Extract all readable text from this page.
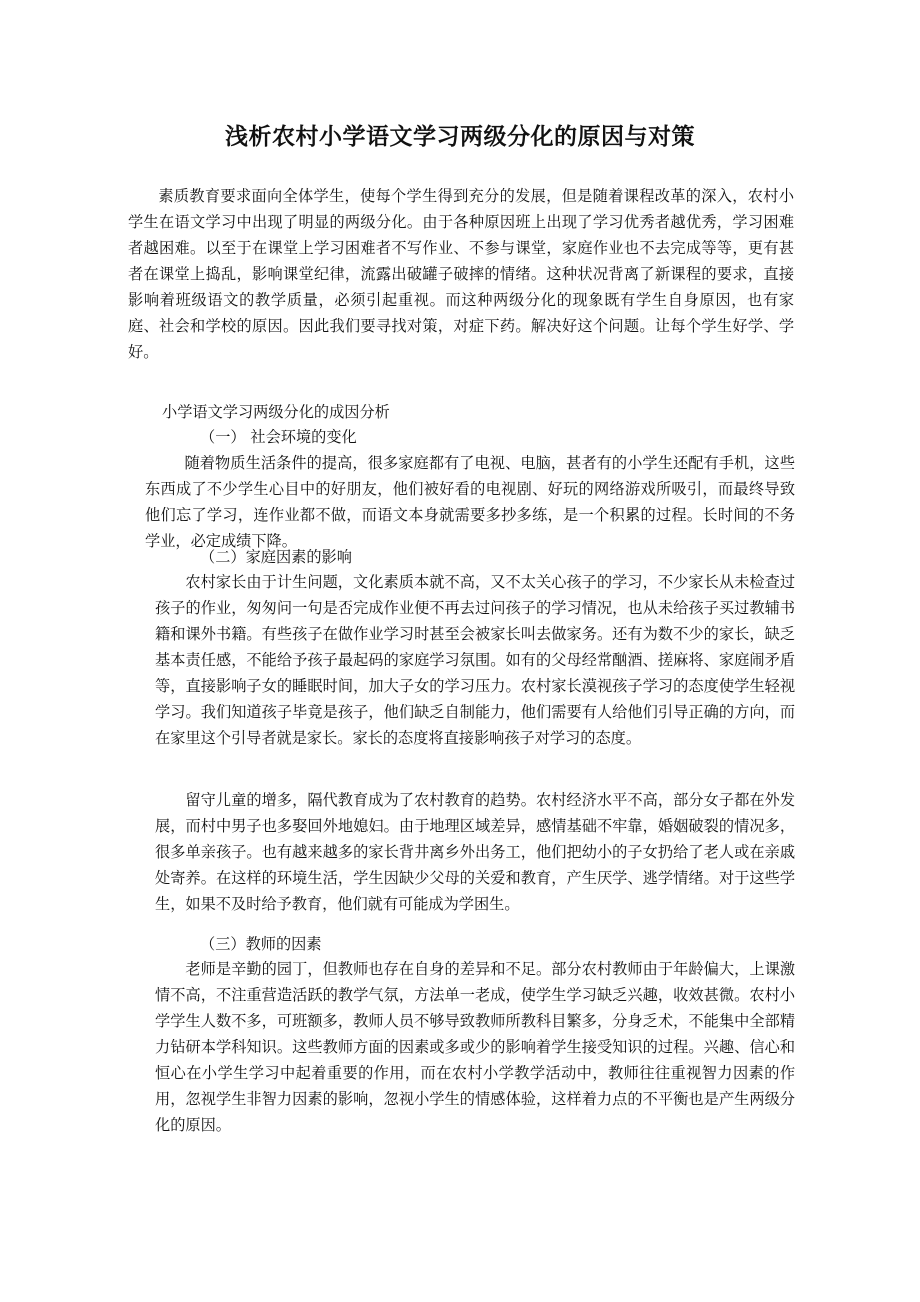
浅析农村小学语文学习两级分化的原因与对策

素质教育要求面向全体学生，使每个学生得到充分的发展，但是随着课程改革的深入，农村小学生在语文学习中出现了明显的两级分化。由于各种原因班上出现了学习优秀者越优秀，学习困难者越困难。以至于在课堂上学习困难者不写作业、不参与课堂，家庭作业也不去完成等等，更有甚者在课堂上捣乱，影响课堂纪律，流露出破罐子破摔的情绪。这种状况背离了新课程的要求，直接影响着班级语文的教学质量，必须引起重视。而这种两级分化的现象既有学生自身原因，也有家庭、社会和学校的原因。因此我们要寻找对策，对症下药。解决好这个问题。让每个学生好学、学好。

小学语文学习两级分化的成因分析
（一） 社会环境的变化

随着物质生活条件的提高，很多家庭都有了电视、电脑，甚者有的小学生还配有手机，这些东西成了不少学生心目中的好朋友，他们被好看的电视剧、好玩的网络游戏所吸引，而最终导致他们忘了学习，连作业都不做，而语文本身就需要多抄多练，是一个积累的过程。长时间的不务学业，必定成绩下降。

（二）家庭因素的影响

农村家长由于计生问题，文化素质本就不高，又不太关心孩子的学习，不少家长从未检查过孩子的作业，匆匆问一句是否完成作业便不再去过问孩子的学习情况，也从未给孩子买过教辅书籍和课外书籍。有些孩子在做作业学习时甚至会被家长叫去做家务。还有为数不少的家长，缺乏基本责任感，不能给予孩子最起码的家庭学习氛围。如有的父母经常酗酒、搓麻将、家庭闹矛盾等，直接影响子女的睡眠时间，加大子女的学习压力。农村家长漠视孩子学习的态度使学生轻视学习。我们知道孩子毕竟是孩子，他们缺乏自制能力，他们需要有人给他们引导正确的方向，而在家里这个引导者就是家长。家长的态度将直接影响孩子对学习的态度。

留守儿童的增多，隔代教育成为了农村教育的趋势。农村经济水平不高，部分女子都在外发展，而村中男子也多娶回外地媳妇。由于地理区域差异，感情基础不牢靠，婚姻破裂的情况多，很多单亲孩子。也有越来越多的家长背井离乡外出务工，他们把幼小的子女扔给了老人或在亲戚处寄养。在这样的环境生活，学生因缺少父母的关爱和教育，产生厌学、逃学情绪。对于这些学生，如果不及时给予教育，他们就有可能成为学困生。

（三）教师的因素

老师是辛勤的园丁，但教师也存在自身的差异和不足。部分农村教师由于年龄偏大，上课激情不高，不注重营造活跃的教学气氛，方法单一老成，使学生学习缺乏兴趣，收效甚微。农村小学学生人数不多，可班额多，教师人员不够导致教师所教科目繁多，分身乏术，不能集中全部精力钻研本学科知识。这些教师方面的因素或多或少的影响着学生接受知识的过程。兴趣、信心和恒心在小学生学习中起着重要的作用，而在农村小学教学活动中，教师往往重视智力因素的作用，忽视学生非智力因素的影响，忽视小学生的情感体验，这样着力点的不平衡也是产生两级分化的原因。
